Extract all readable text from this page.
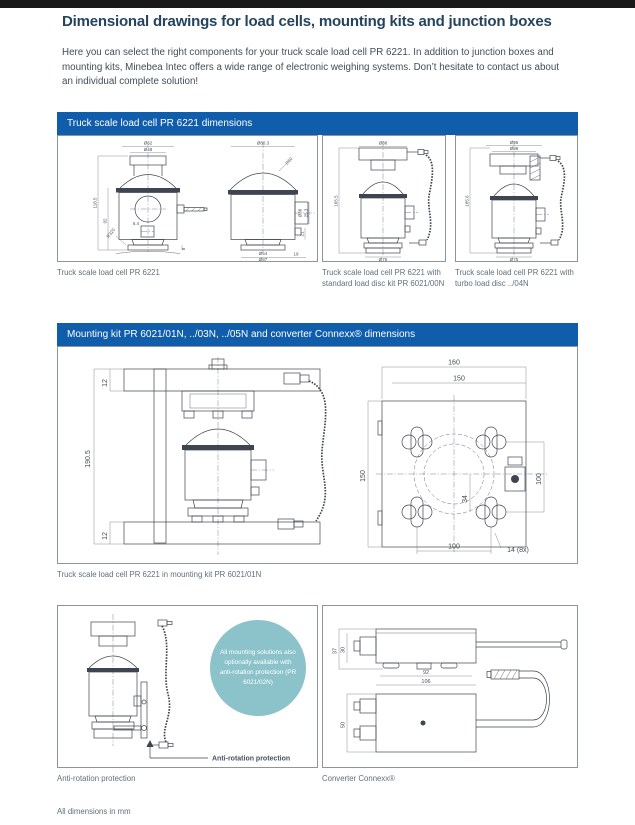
Dimensional drawings for load cells, mounting kits and junction boxes
Here you can select the right components for your truck scale load cell PR 6221. In addition to junction boxes and mounting kits, Minebea Intec offers a wide range of electronic weighing systems. Don’t hesitate to contact us about an individual complete solution!
Truck scale load cell PR 6221 dimensions
Ø62
Ø48
6.4
118.5
92
R320
8
Ø80.3
R60
Ø38 25.3
21
Ø54
Ø87
19
Ø88
Ø76
165.5
Ø95
Ø88
Ø75
185.6
Truck scale load cell PR 6221	Truck scale load cell PR 6221 with standard load disc kit PR 6021/00N
Truck scale load cell PR 6221 with turbo load disc ../04N
Mounting kit PR 6021/01N, ../03N, ../05N and converter Connexx® dimensions
190.5
12
12
160
150
150	100
34
100	14 (8x)
Truck scale load cell PR 6221 in mounting kit PR 6021/01N
Anti-rotation protection
All mounting solutions also optionally available with anti-rotation protection (PR 6021/02N)
37 30
92
106
50
Anti-rotation protection	Converter Connexx®
All dimensions in mm
